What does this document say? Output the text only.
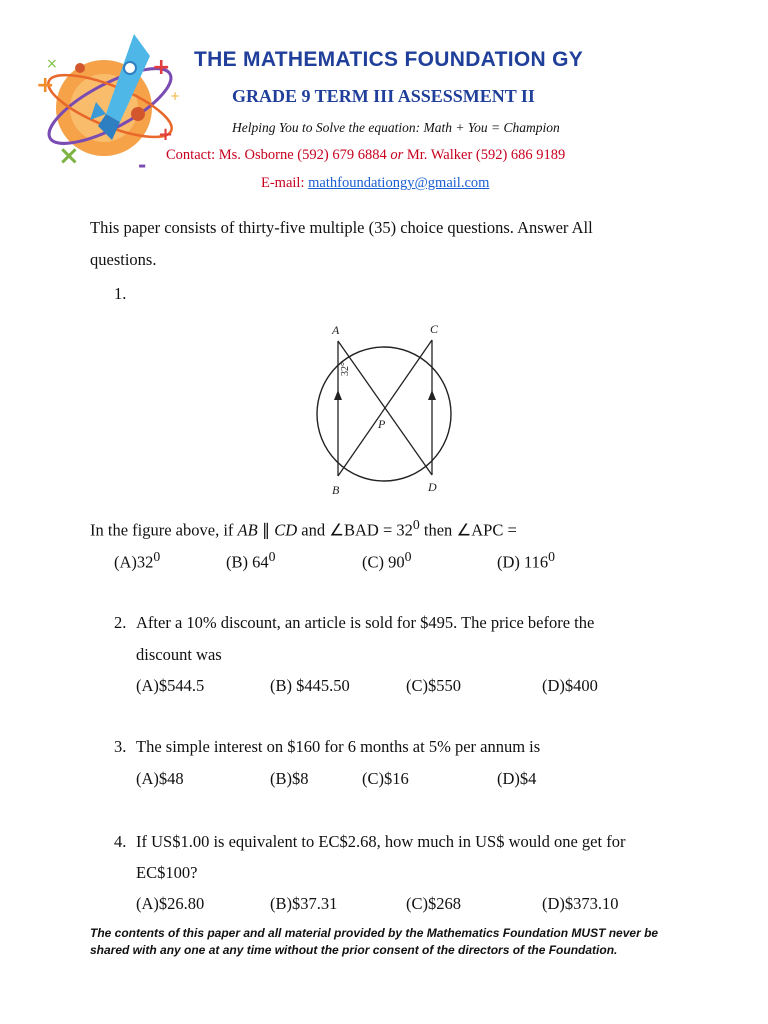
+
×	+
+
×
+
-
THE MATHEMATICS FOUNDATION GY
GRADE 9 TERM III ASSESSMENT II
Helping You to Solve the equation: Math + You = Champion
Contact: Ms. Osborne (592) 679 6884 or Mr. Walker (592) 686 9189
E-mail: mathfoundationgy@gmail.com
This paper consists of thirty-five multiple (35) choice questions. Answer All
questions.
1.
A	C
B	D
P
32°
In the figure above, if AB ∥ CD and ∠BAD = $32^0$ then ∠APC =
$(A)32^0$	(B) $64^0$	(C) $90^0$	(D) $116^0$
2. After a 10% discount, an article is sold for $495. The price before the
discount was
(A)$544.5	(B) $445.50	(C)$550	(D)$400
3. The simple interest on $160 for 6 months at 5% per annum is
(A)$48	(B)$8	(C)$16	(D)$4
4. If US$1.00 is equivalent to EC$2.68, how much in US$ would one get for
EC$100?
(A)$26.80	(B)$37.31	(C)$268	(D)$373.10
The contents of this paper and all material provided by the Mathematics Foundation MUST never be
shared with any one at any time without the prior consent of the directors of the Foundation.
